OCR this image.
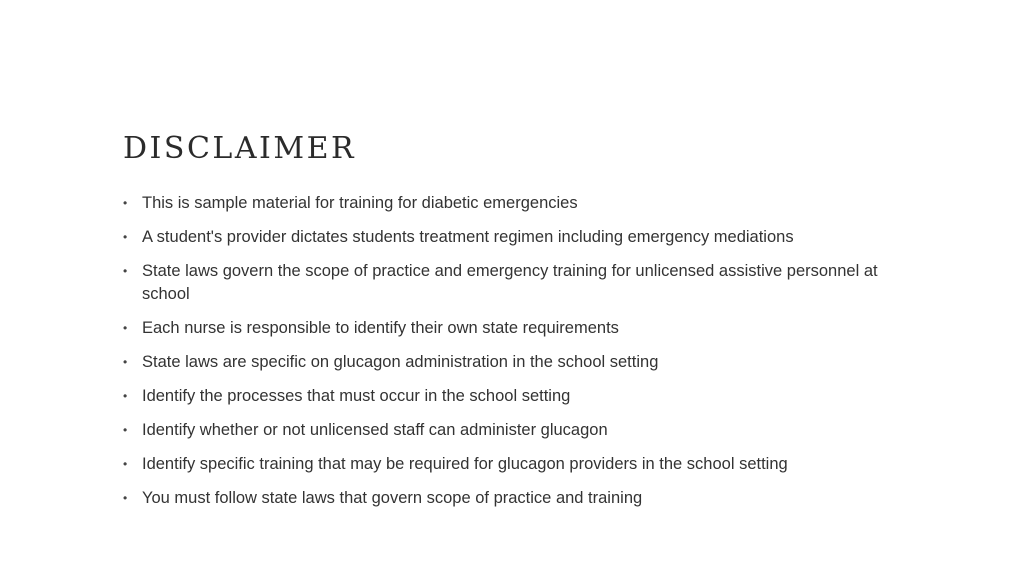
DISCLAIMER
• This is sample material for training for diabetic emergencies
• A student's provider dictates students treatment regimen including emergency mediations
• State laws govern the scope of practice and emergency training for unlicensed assistive personnel at school
• Each nurse is responsible to identify their own state requirements
• State laws are specific on glucagon administration in the school setting
• Identify the processes that must occur in the school setting
• Identify whether or not unlicensed staff can administer glucagon
• Identify specific training that may be required for glucagon providers in the school setting
• You must follow state laws that govern scope of practice and training
